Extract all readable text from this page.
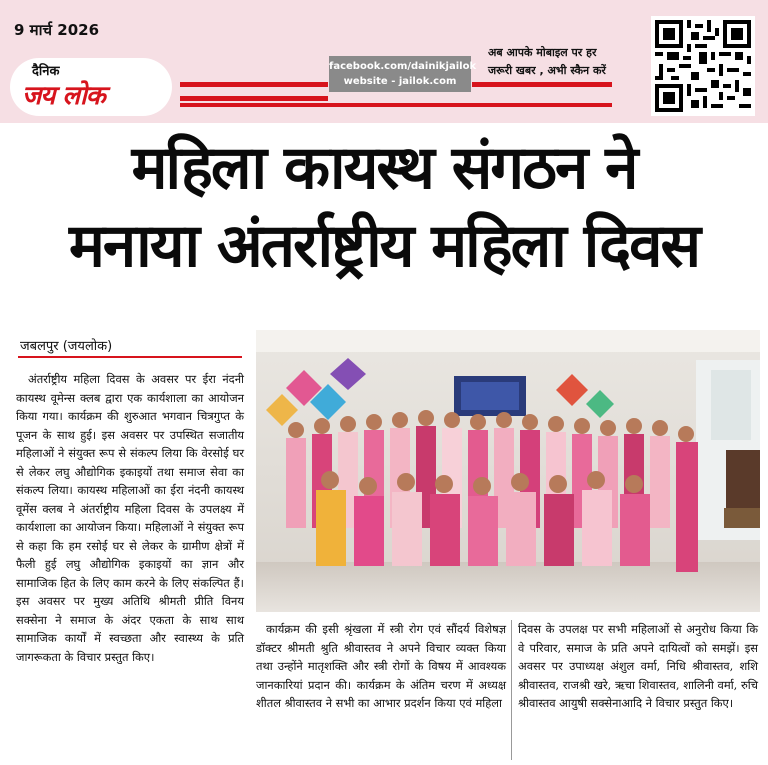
9 मार्च 2026
दैनिक
जय लोक
facebook.com/dainikjailok
website - jailok.com
अब आपके मोबाइल पर हर
जरूरी खबर , अभी स्कैन करें
महिला कायस्थ संगठन ने
मनाया अंतर्राष्ट्रीय महिला दिवस
जबलपुर (जयलोक)
अंतर्राष्ट्रीय महिला दिवस के अवसर पर ईरा नंदनी कायस्थ वूमेन्स क्लब द्वारा एक कार्यशाला का आयोजन किया गया। कार्यक्रम की शुरुआत भगवान चित्रगुप्त के पूजन के साथ हुई। इस अवसर पर उपस्थित सजातीय महिलाओं ने संयुक्त रूप से संकल्प लिया कि वेरसोई घर से लेकर लघु औद्योगिक इकाइयों तथा समाज सेवा का संकल्प लिया। कायस्थ महिलाओं का ईरा नंदनी कायस्थ वूमेंस क्लब ने अंतर्राष्ट्रीय महिला दिवस के उपलक्ष्य में कार्यशाला का आयोजन किया। महिलाओं ने संयुक्त रूप से कहा कि हम रसोई घर से लेकर के ग्रामीण क्षेत्रों में फैली हुई लघु औद्योगिक इकाइयों का ज्ञान और सामाजिक हित के लिए काम करने के लिए संकल्पित हैं। इस अवसर पर मुख्य अतिथि श्रीमती प्रीति विनय सक्सेना ने समाज के अंदर एकता के साथ साथ सामाजिक कार्यों में स्वच्छता और स्वास्थ्य के प्रति जागरूकता के विचार प्रस्तुत किए।
कार्यक्रम की इसी श्रृंखला में स्त्री रोग एवं सौंदर्य विशेषज्ञ डॉक्टर श्रीमती श्रुति श्रीवास्तव ने अपने विचार व्यक्त किया तथा उन्होंने मातृशक्ति और स्त्री रोगों के विषय में आवश्यक जानकारियां प्रदान की। कार्यक्रम के अंतिम चरण में अध्यक्ष शीतल श्रीवास्तव ने सभी का आभार प्रदर्शन किया एवं महिला
दिवस के उपलक्ष पर सभी महिलाओं से अनुरोध किया कि वे परिवार, समाज के प्रति अपने दायित्वों को समझें। इस अवसर पर उपाध्यक्ष अंशुल वर्मा, निधि श्रीवास्तव, शशि श्रीवास्तव, राजश्री खरे, ऋचा शिवास्तव, शालिनी वर्मा, रुचि श्रीवास्तव आयुषी सक्सेनाआदि ने विचार प्रस्तुत किए।
